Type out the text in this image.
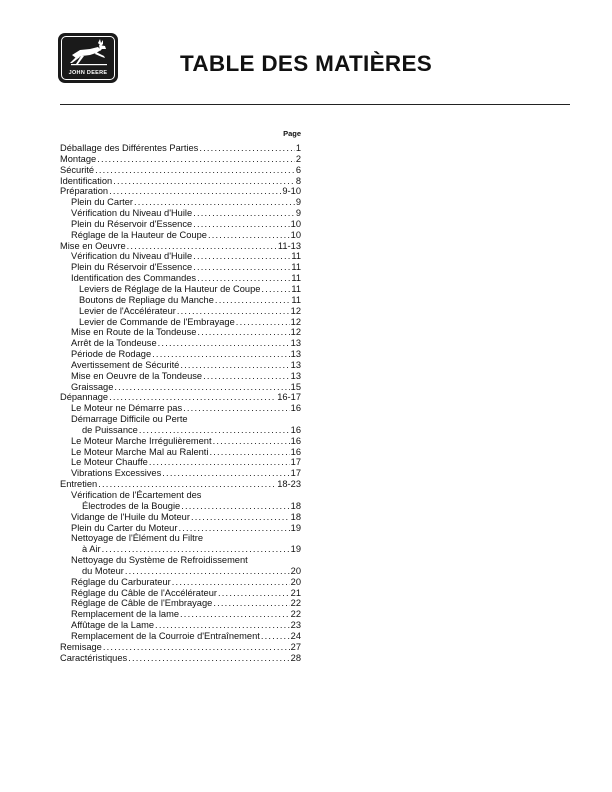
JOHN DEERE	TABLE DES MATIÈRES
Page
Déballage des Différentes Parties .....	1
Montage .....	2
Sécurité .....	6
Identification .....	8
Préparation .....	9-10
Plein du Carter .....	9
Vérification du Niveau d'Huile .....	9
Plein du Réservoir d'Essence .....	10
Réglage de la Hauteur de Coupe .....	10
Mise en Oeuvre .....	11-13
Vérification du Niveau d'Huile .....	11
Plein du Réservoir d'Essence .....	11
Identification des Commandes .....	11
Leviers de Réglage de la Hauteur de Coupe .....	11
Boutons de Repliage du Manche .....	11
Levier de l'Accélérateur .....	12
Levier de Commande de l'Embrayage .....	12
Mise en Route de la Tondeuse .....	12
Arrêt de la Tondeuse .....	13
Période de Rodage .....	13
Avertissement de Sécurité .....	13
Mise en Oeuvre de la Tondeuse .....	13
Graissage .....	15
Dépannage .....	16-17
Le Moteur ne Démarre pas .....	16
Démarrage Difficile ou Perte
de Puissance .....	16
Le Moteur Marche Irrégulièrement .....	16
Le Moteur Marche Mal au Ralenti .....	16
Le Moteur Chauffe .....	17
Vibrations Excessives .....	17
Entretien .....	18-23
Vérification de l'Écartement des
Électrodes de la Bougie .....	18
Vidange de l'Huile du Moteur .....	18
Plein du Carter du Moteur .....	19
Nettoyage de l'Élément du Filtre
à Air .....	19
Nettoyage du Système de Refroidissement
du Moteur .....	20
Réglage du Carburateur .....	20
Réglage du Câble de l'Accélérateur .....	21
Réglage de Câble de l'Embrayage .....	22
Remplacement de la lame .....	22
Affûtage de la Lame .....	23
Remplacement de la Courroie d'Entraînement .....	24
Remisage .....	27
Caractéristiques .....	28
